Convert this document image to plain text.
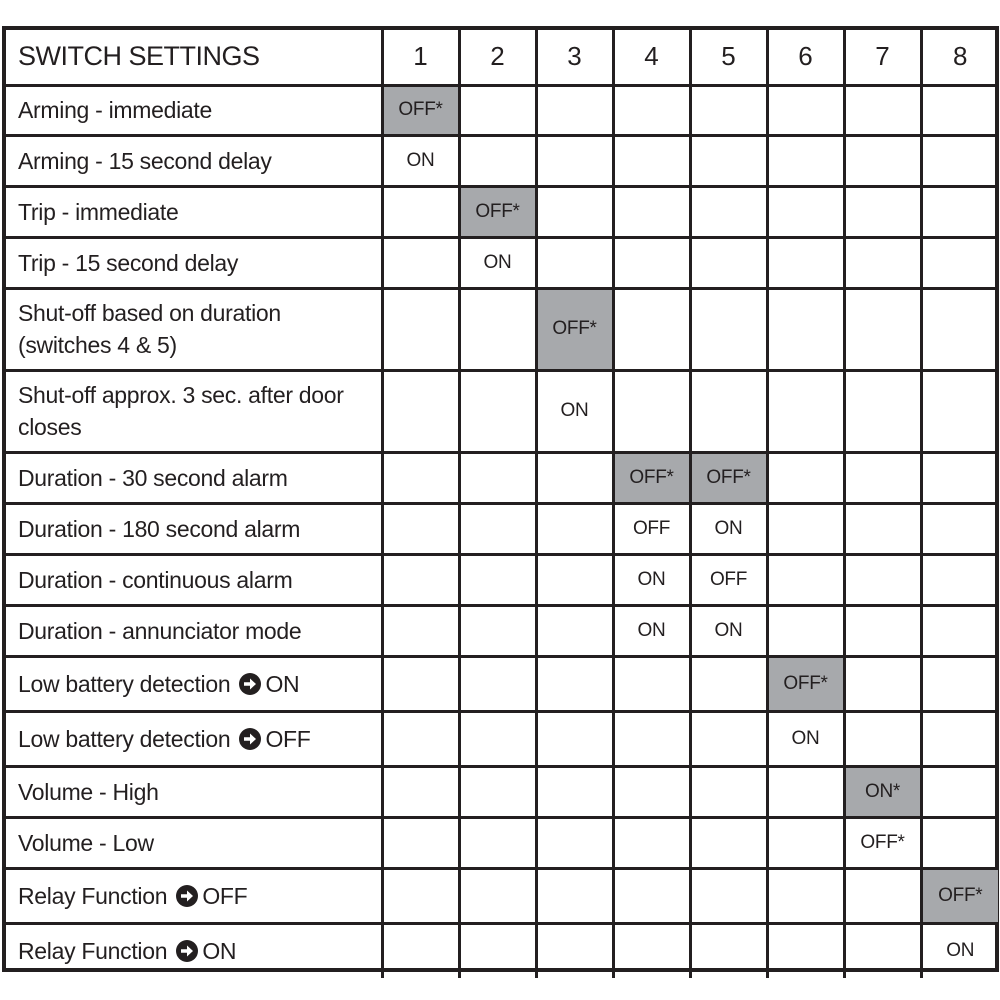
SWITCH SETTINGS	1	2	3	4	5	6	7	8
Arming - immediate	OFF*							
Arming - 15 second delay	ON							
Trip - immediate		OFF*						
Trip - 15 second delay		ON						
Shut-off based on duration (switches 4 & 5)			OFF*					
Shut-off approx. 3 sec. after door closes			ON					
Duration - 30 second alarm				OFF*	OFF*			
Duration - 180 second alarm				OFF	ON			
Duration - continuous alarm				ON	OFF			
Duration - annunciator mode				ON	ON			
Low battery detection ON						OFF*		
Low battery detection OFF						ON		
Volume - High							ON*	
Volume - Low							OFF*	
Relay Function OFF								OFF*
Relay Function ON								ON
